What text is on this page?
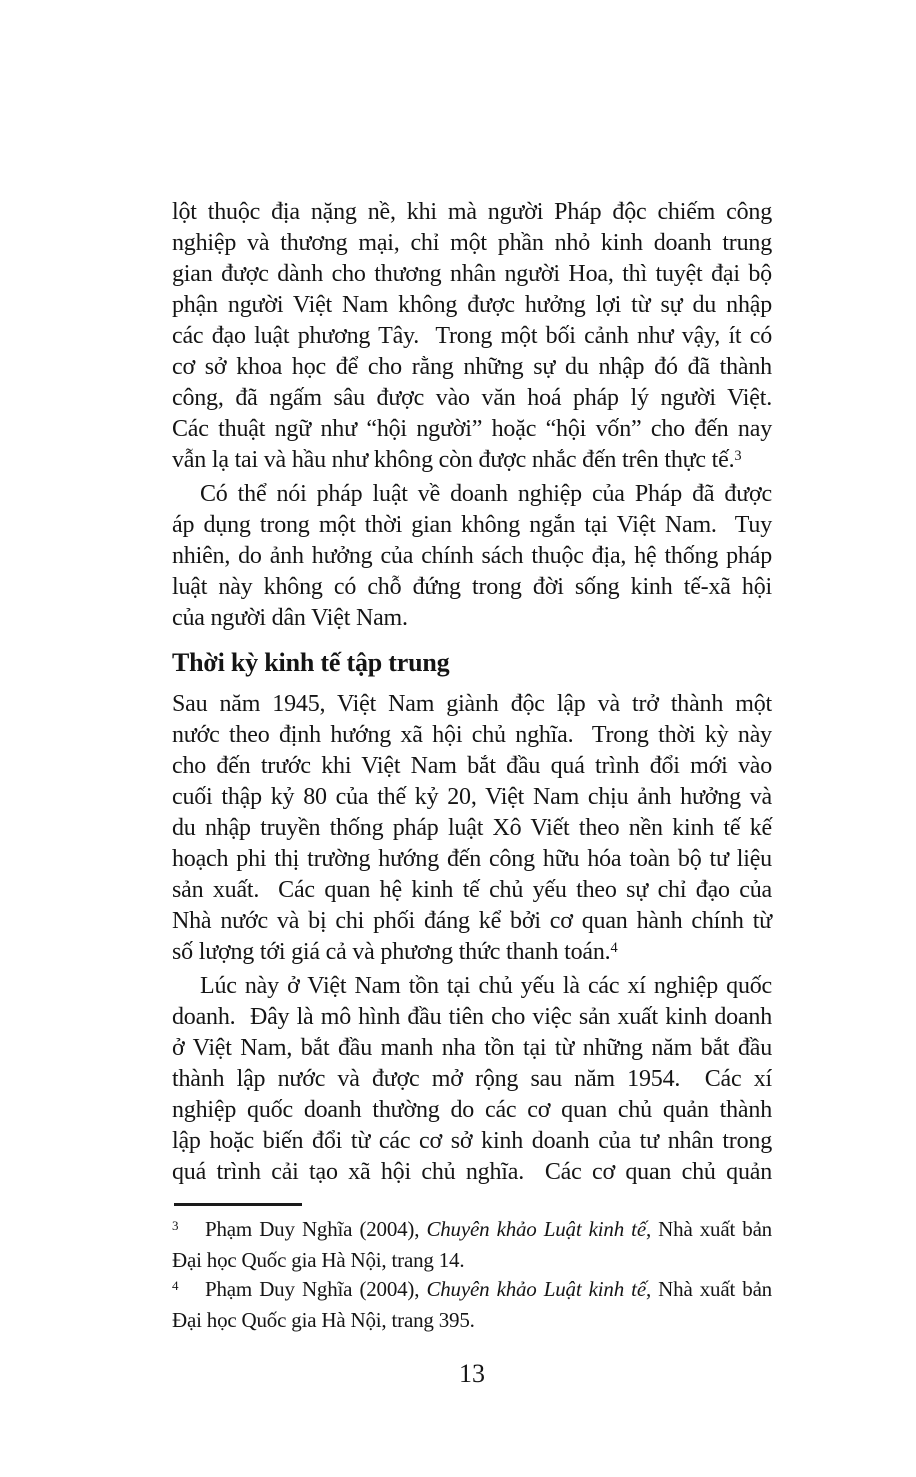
lột thuộc địa nặng nề, khi mà người Pháp độc chiếm công
nghiệp và thương mại, chỉ một phần nhỏ kinh doanh trung
gian được dành cho thương nhân người Hoa, thì tuyệt đại bộ
phận người Việt Nam không được hưởng lợi từ sự du nhập
các đạo luật phương Tây.  Trong một bối cảnh như vậy, ít có
cơ sở khoa học để cho rằng những sự du nhập đó đã thành
công, đã ngấm sâu được vào văn hoá pháp lý người Việt.
Các thuật ngữ như “hội người” hoặc “hội vốn” cho đến nay
vẫn lạ tai và hầu như không còn được nhắc đến trên thực tế.$^3$
Có thể nói pháp luật về doanh nghiệp của Pháp đã được
áp dụng trong một thời gian không ngắn tại Việt Nam.  Tuy
nhiên, do ảnh hưởng của chính sách thuộc địa, hệ thống pháp
luật này không có chỗ đứng trong đời sống kinh tế-xã hội
của người dân Việt Nam.
Thời kỳ kinh tế tập trung
Sau năm 1945, Việt Nam giành độc lập và trở thành một
nước theo định hướng xã hội chủ nghĩa.  Trong thời kỳ này
cho đến trước khi Việt Nam bắt đầu quá trình đổi mới vào
cuối thập kỷ 80 của thế kỷ 20, Việt Nam chịu ảnh hưởng và
du nhập truyền thống pháp luật Xô Viết theo nền kinh tế kế
hoạch phi thị trường hướng đến công hữu hóa toàn bộ tư liệu
sản xuất.  Các quan hệ kinh tế chủ yếu theo sự chỉ đạo của
Nhà nước và bị chi phối đáng kể bởi cơ quan hành chính từ
số lượng tới giá cả và phương thức thanh toán.$^4$
Lúc này ở Việt Nam tồn tại chủ yếu là các xí nghiệp quốc
doanh.  Đây là mô hình đầu tiên cho việc sản xuất kinh doanh
ở Việt Nam, bắt đầu manh nha tồn tại từ những năm bắt đầu
thành lập nước và được mở rộng sau năm 1954.  Các xí
nghiệp quốc doanh thường do các cơ quan chủ quản thành
lập hoặc biến đổi từ các cơ sở kinh doanh của tư nhân trong
quá trình cải tạo xã hội chủ nghĩa.  Các cơ quan chủ quản
3 Phạm Duy Nghĩa (2004), Chuyên khảo Luật kinh tế, Nhà xuất bản
Đại học Quốc gia Hà Nội, trang 14.
4 Phạm Duy Nghĩa (2004), Chuyên khảo Luật kinh tế, Nhà xuất bản
Đại học Quốc gia Hà Nội, trang 395.
13
